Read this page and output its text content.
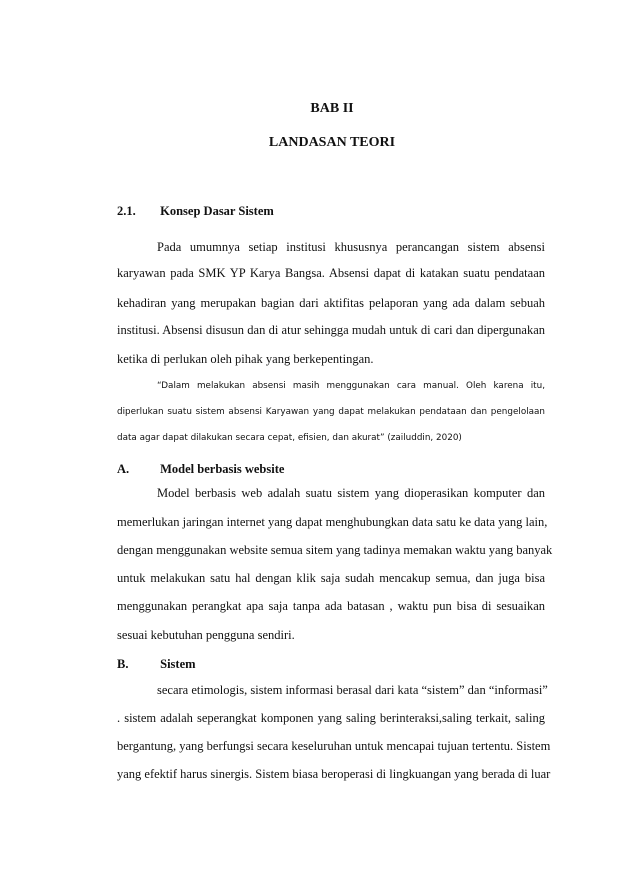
BAB II
LANDASAN TEORI
2.1. Konsep Dasar Sistem
Pada umumnya setiap institusi khususnya perancangan sistem absensi
karyawan pada SMK YP Karya Bangsa. Absensi dapat di katakan suatu pendataan
kehadiran yang merupakan bagian dari aktifitas pelaporan yang ada dalam sebuah
institusi. Absensi disusun dan di atur sehingga mudah untuk di cari dan dipergunakan
ketika di perlukan oleh pihak yang berkepentingan.
“Dalam melakukan absensi masih menggunakan cara manual. Oleh karena itu,
diperlukan suatu sistem absensi Karyawan yang dapat melakukan pendataan dan pengelolaan
data agar dapat dilakukan secara cepat, efisien, dan akurat” (zailuddin, 2020)
A. Model berbasis website
Model berbasis web adalah suatu sistem yang dioperasikan komputer dan
memerlukan jaringan internet yang dapat menghubungkan data satu ke data yang lain,
dengan menggunakan website semua sitem yang tadinya memakan waktu yang banyak
untuk melakukan satu hal dengan klik saja sudah mencakup semua, dan juga bisa
menggunakan perangkat apa saja tanpa ada batasan , waktu pun bisa di sesuaikan
sesuai kebutuhan pengguna sendiri.
B.	Sistem
secara etimologis, sistem informasi berasal dari kata “sistem” dan “informasi”
. sistem adalah seperangkat komponen yang saling berinteraksi,saling terkait, saling
bergantung, yang berfungsi secara keseluruhan untuk mencapai tujuan tertentu. Sistem
yang efektif harus sinergis. Sistem biasa beroperasi di lingkuangan yang berada di luar
